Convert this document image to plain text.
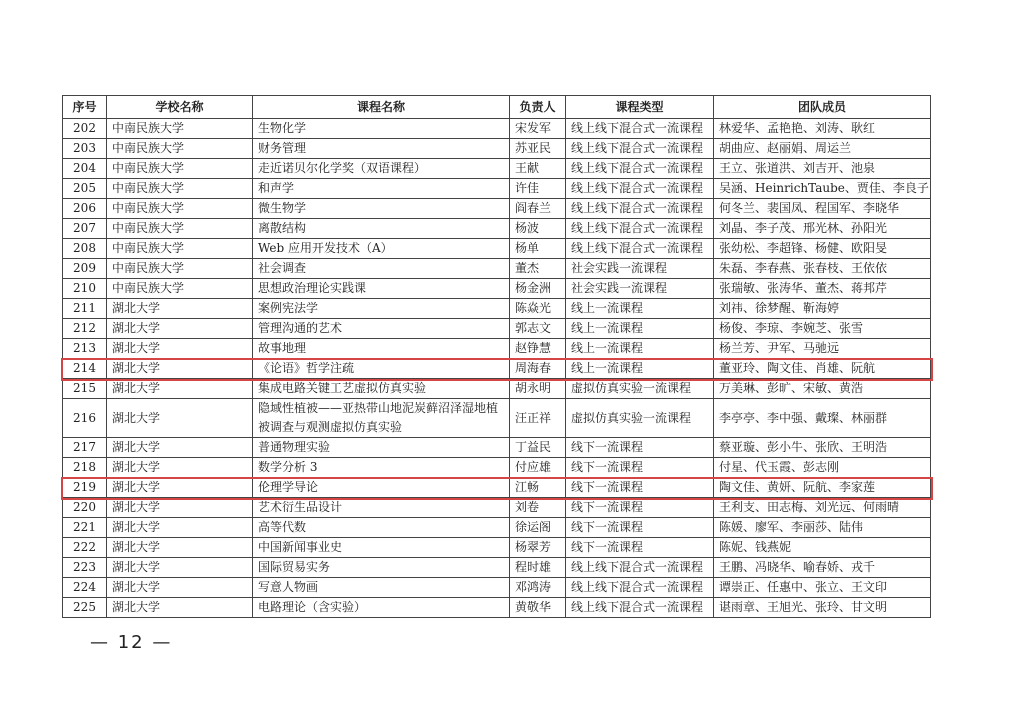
序号	学校名称	课程名称	负责人	课程类型	团队成员
202	中南民族大学	生物化学	宋发军	线上线下混合式一流课程	林爱华、孟艳艳、刘涛、耿红
203	中南民族大学	财务管理	苏亚民	线上线下混合式一流课程	胡曲应、赵丽娟、周运兰
204	中南民族大学	走近诺贝尔化学奖（双语课程）	王献	线上线下混合式一流课程	王立、张道洪、刘吉开、池泉
205	中南民族大学	和声学	许佳	线上线下混合式一流课程	吴涵、HeinrichTaube、贾佳、李良子
206	中南民族大学	微生物学	阎春兰	线上线下混合式一流课程	何冬兰、裴国凤、程国军、李晓华
207	中南民族大学	离散结构	杨波	线上线下混合式一流课程	刘晶、李子茂、邢光林、孙阳光
208	中南民族大学	Web 应用开发技术（A）	杨单	线上线下混合式一流课程	张幼松、李超锋、杨健、欧阳旻
209	中南民族大学	社会调查	董杰	社会实践一流课程	朱磊、李春燕、张春枝、王依依
210	中南民族大学	思想政治理论实践课	杨金洲	社会实践一流课程	张瑞敏、张涛华、董杰、蒋邦芹
211	湖北大学	案例宪法学	陈焱光	线上一流课程	刘祎、徐梦醒、靳海婷
212	湖北大学	管理沟通的艺术	郭志文	线上一流课程	杨俊、李琼、李婉芝、张雪
213	湖北大学	故事地理	赵铮慧	线上一流课程	杨兰芳、尹军、马驰远
214	湖北大学	《论语》哲学注疏	周海春	线上一流课程	董亚玲、陶文佳、肖雄、阮航
215	湖北大学	集成电路关键工艺虚拟仿真实验	胡永明	虚拟仿真实验一流课程	万美琳、彭旷、宋敏、黄浩
216	湖北大学	隐域性植被——亚热带山地泥炭藓沼泽湿地植被调查与观测虚拟仿真实验	汪正祥	虚拟仿真实验一流课程	李亭亭、李中强、戴璨、林丽群
217	湖北大学	普通物理实验	丁益民	线下一流课程	蔡亚璇、彭小牛、张欣、王明浩
218	湖北大学	数学分析 3	付应雄	线下一流课程	付星、代玉霞、彭志刚
219	湖北大学	伦理学导论	江畅	线下一流课程	陶文佳、黄妍、阮航、李家莲
220	湖北大学	艺术衍生品设计	刘卷	线下一流课程	王利支、田志梅、刘光远、何雨晴
221	湖北大学	高等代数	徐运阁	线下一流课程	陈媛、廖军、李丽莎、陆伟
222	湖北大学	中国新闻事业史	杨翠芳	线下一流课程	陈妮、钱燕妮
223	湖北大学	国际贸易实务	程时雄	线上线下混合式一流课程	王鹏、冯晓华、喻春娇、戎千
224	湖北大学	写意人物画	邓鸿涛	线上线下混合式一流课程	谭崇正、任惠中、张立、王文印
225	湖北大学	电路理论（含实验）	黄敬华	线上线下混合式一流课程	谌雨章、王旭光、张玲、甘文明
— 12 —
